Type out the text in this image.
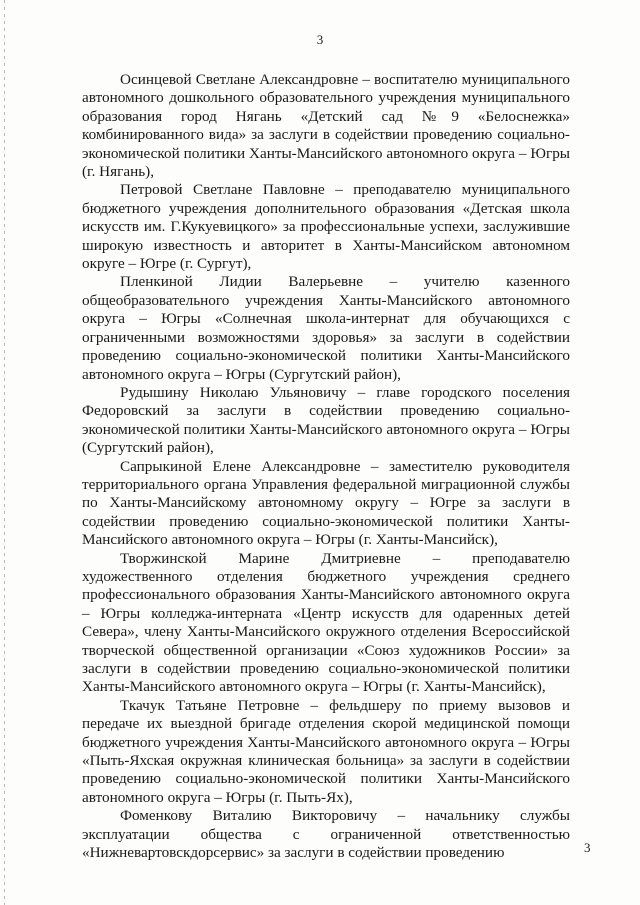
3

Осинцевой Светлане Александровне – воспитателю муниципального автономного дошкольного образовательного учреждения муниципального образования город Нягань «Детский сад №9 «Белоснежка» комбинированного вида» за заслуги в содействии проведению социально-экономической политики Ханты-Мансийского автономного округа – Югры (г. Нягань),

Петровой Светлане Павловне – преподавателю муниципального бюджетного учреждения дополнительного образования «Детская школа искусств им. Г.Кукуевицкого» за профессиональные успехи, заслужившие широкую известность и авторитет в Ханты-Мансийском автономном округе – Югре (г. Сургут),

Пленкиной Лидии Валерьевне – учителю казенного общеобразовательного учреждения Ханты-Мансийского автономного округа – Югры «Солнечная школа-интернат для обучающихся с ограниченными возможностями здоровья» за заслуги в содействии проведению социально-экономической политики Ханты-Мансийского автономного округа – Югры (Сургутский район),

Рудышину Николаю Ульяновичу – главе городского поселения Федоровский за заслуги в содействии проведению социально-экономической политики Ханты-Мансийского автономного округа – Югры (Сургутский район),

Сапрыкиной Елене Александровне – заместителю руководителя территориального органа Управления федеральной миграционной службы по Ханты-Мансийскому автономному округу – Югре за заслуги в содействии проведению социально-экономической политики Ханты-Мансийского автономного округа – Югры (г. Ханты-Мансийск),

Творжинской Марине Дмитриевне – преподавателю художественного отделения бюджетного учреждения среднего профессионального образования Ханты-Мансийского автономного округа – Югры колледжа-интерната «Центр искусств для одаренных детей Севера», члену Ханты-Мансийского окружного отделения Всероссийской творческой общественной организации «Союз художников России» за заслуги в содействии проведению социально-экономической политики Ханты-Мансийского автономного округа – Югры (г. Ханты-Мансийск),

Ткачук Татьяне Петровне – фельдшеру по приему вызовов и передаче их выездной бригаде отделения скорой медицинской помощи бюджетного учреждения Ханты-Мансийского автономного округа – Югры «Пыть-Яхская окружная клиническая больница» за заслуги в содействии проведению социально-экономической политики Ханты-Мансийского автономного округа – Югры (г. Пыть-Ях),

Фоменкову Виталию Викторовичу – начальнику службы эксплуатации общества с ограниченной ответственностью «Нижневартовскдорсервис» за заслуги в содействии проведению	3
